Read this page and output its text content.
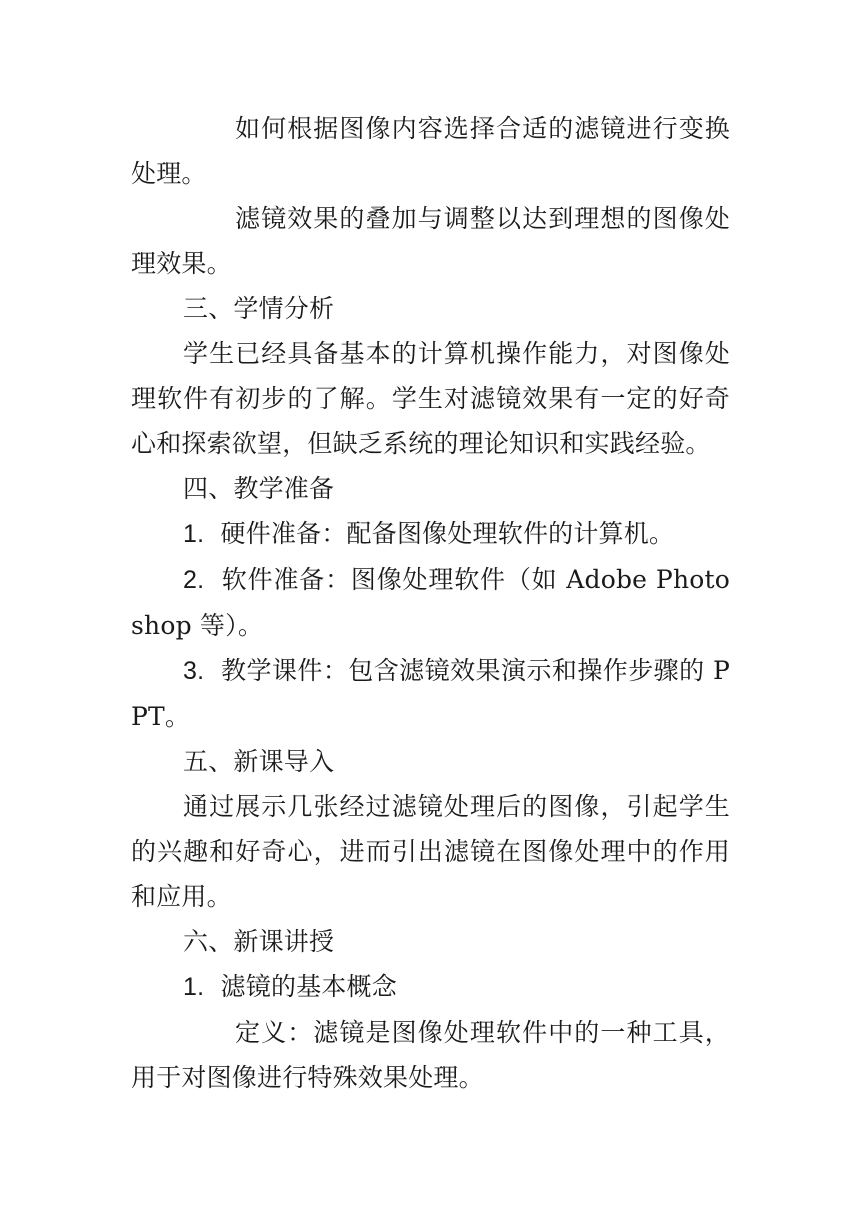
如何根据图像内容选择合适的滤镜进行变换处理。

滤镜效果的叠加与调整以达到理想的图像处理效果。

三、学情分析

学生已经具备基本的计算机操作能力，对图像处理软件有初步的了解。学生对滤镜效果有一定的好奇心和探索欲望，但缺乏系统的理论知识和实践经验。

四、教学准备

1. 硬件准备：配备图像处理软件的计算机。

2. 软件准备：图像处理软件（如 Adobe Photoshop 等）。

3. 教学课件：包含滤镜效果演示和操作步骤的 PPT。

五、新课导入

通过展示几张经过滤镜处理后的图像，引起学生的兴趣和好奇心，进而引出滤镜在图像处理中的作用和应用。

六、新课讲授

1. 滤镜的基本概念

定义：滤镜是图像处理软件中的一种工具，用于对图像进行特殊效果处理。
